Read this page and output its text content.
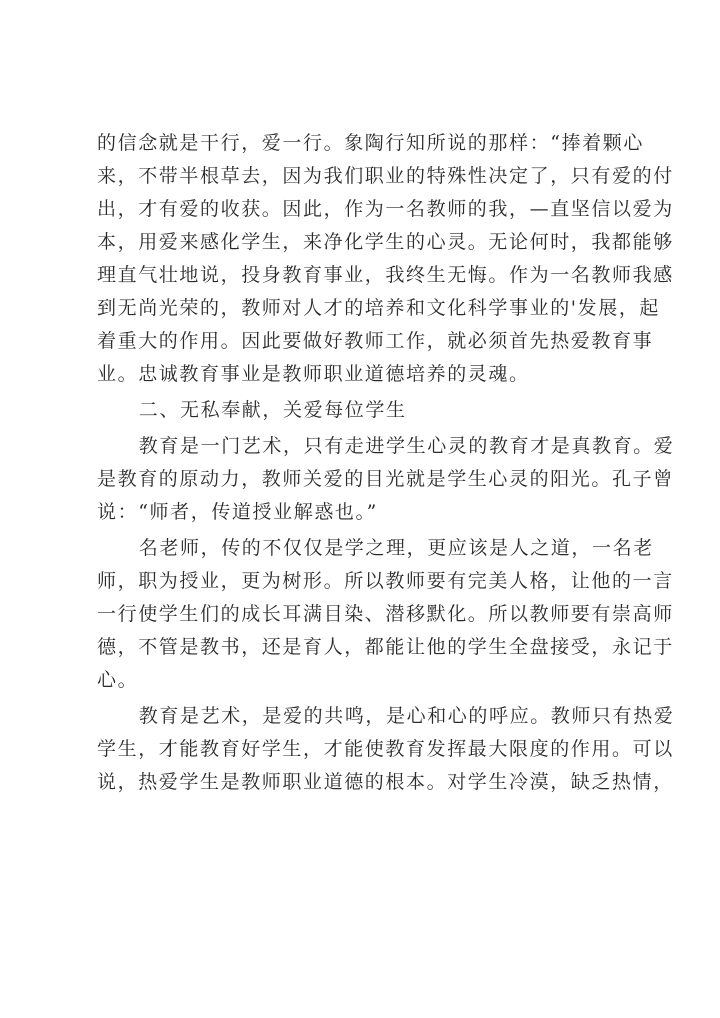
的信念就是干行，爱一行。象陶行知所说的那样：“捧着颗心
来，不带半根草去，因为我们职业的特殊性决定了，只有爱的付
出，才有爱的收获。因此，作为一名教师的我，—直坚信以爱为
本，用爱来感化学生，来净化学生的心灵。无论何时，我都能够
理直气壮地说，投身教育事业，我终生无悔。作为一名教师我感
到无尚光荣的，教师对人才的培养和文化科学事业的'发展，起
着重大的作用。因此要做好教师工作，就必须首先热爱教育事
业。忠诚教育事业是教师职业道德培养的灵魂。
二、无私奉献，关爱每位学生
教育是一门艺术，只有走进学生心灵的教育才是真教育。爱
是教育的原动力，教师关爱的目光就是学生心灵的阳光。孔子曾
说：“师者，传道授业解惑也。”
名老师，传的不仅仅是学之理，更应该是人之道，一名老
师，职为授业，更为树形。所以教师要有完美人格，让他的一言
一行使学生们的成长耳满目染、潜移默化。所以教师要有崇高师
德，不管是教书，还是育人，都能让他的学生全盘接受，永记于
心。
教育是艺术，是爱的共鸣，是心和心的呼应。教师只有热爱
学生，才能教育好学生，才能使教育发挥最大限度的作用。可以
说，热爱学生是教师职业道德的根本。对学生冷漠，缺乏热情，
